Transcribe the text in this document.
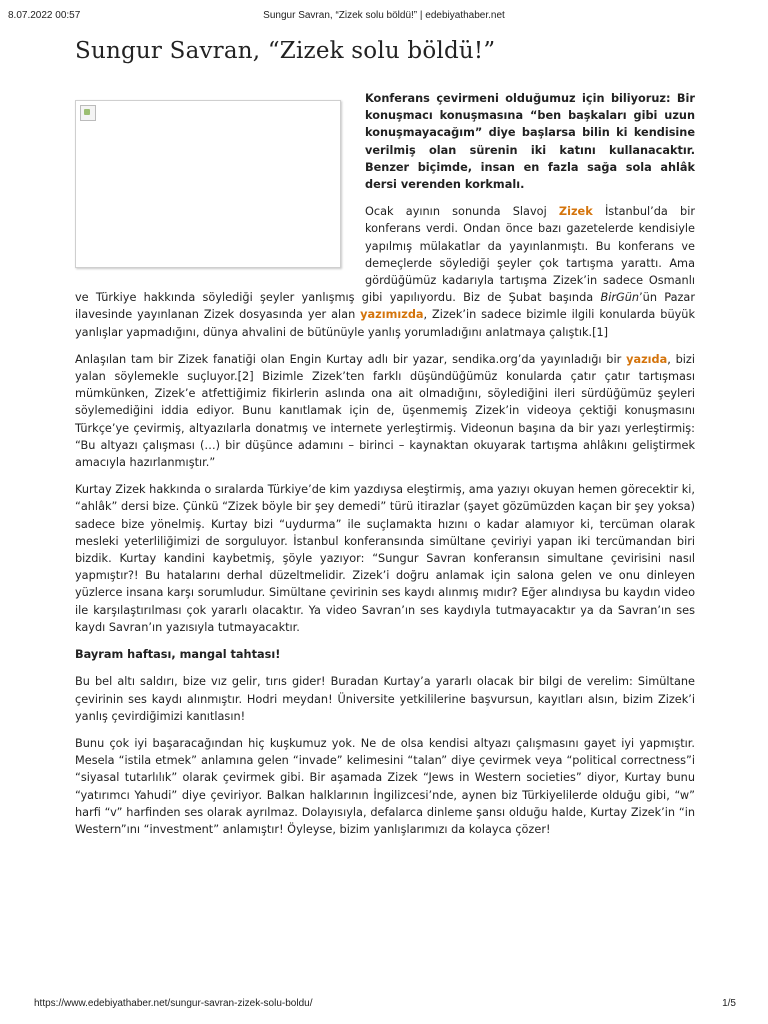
8.07.2022 00:57	Sungur Savran, “Zizek solu böldü!” | edebiyathaber.net
Sungur Savran, “Zizek solu böldü!”

Konferans çevirmeni olduğumuz için biliyoruz: Bir konuşmacı konuşmasına “ben başkaları gibi uzun konuşmayacağım” diye başlarsa bilin ki kendisine verilmiş olan sürenin iki katını kullanacaktır. Benzer biçimde, insan en fazla sağa sola ahlâk dersi verenden korkmalı.

Ocak ayının sonunda Slavoj Zizek İstanbul’da bir konferans verdi. Ondan önce bazı gazetelerde kendisiyle yapılmış mülakatlar da yayınlanmıştı. Bu konferans ve demeçlerde söylediği şeyler çok tartışma yarattı. Ama gördüğümüz kadarıyla tartışma Zizek’in sadece Osmanlı ve Türkiye hakkında söylediği şeyler yanlışmış gibi yapılıyordu. Biz de Şubat başında BirGün’ün Pazar ilavesinde yayınlanan Zizek dosyasında yer alan yazımızda, Zizek’in sadece bizimle ilgili konularda büyük yanlışlar yapmadığını, dünya ahvalini de bütünüyle yanlış yorumladığını anlatmaya çalıştık.[1]

Anlaşılan tam bir Zizek fanatiği olan Engin Kurtay adlı bir yazar, sendika.org’da yayınladığı bir yazıda, bizi yalan söylemekle suçluyor.[2] Bizimle Zizek’ten farklı düşündüğümüz konularda çatır çatır tartışması mümkünken, Zizek’e atfettiğimiz fikirlerin aslında ona ait olmadığını, söylediğini ileri sürdüğümüz şeyleri söylemediğini iddia ediyor. Bunu kanıtlamak için de, üşenmemiş Zizek’in videoya çektiği konuşmasını Türkçe’ye çevirmiş, altyazılarla donatmış ve internete yerleştirmiş. Videonun başına da bir yazı yerleştirmiş: “Bu altyazı çalışması (…) bir düşünce adamını – birinci – kaynaktan okuyarak tartışma ahlâkını geliştirmek amacıyla hazırlanmıştır.”

Kurtay Zizek hakkında o sıralarda Türkiye’de kim yazdıysa eleştirmiş, ama yazıyı okuyan hemen görecektir ki, “ahlâk” dersi bize. Çünkü “Zizek böyle bir şey demedi” türü itirazlar (şayet gözümüzden kaçan bir şey yoksa) sadece bize yönelmiş. Kurtay bizi “uydurma” ile suçlamakta hızını o kadar alamıyor ki, tercüman olarak mesleki yeterliliğimizi de sorguluyor. İstanbul konferansında simültane çeviriyi yapan iki tercümandan biri bizdik. Kurtay kandini kaybetmiş, şöyle yazıyor: “Sungur Savran konferansın simultane çevirisini nasıl yapmıştır?! Bu hatalarını derhal düzeltmelidir. Zizek’i doğru anlamak için salona gelen ve onu dinleyen yüzlerce insana karşı sorumludur. Simültane çevirinin ses kaydı alınmış mıdır? Eğer alındıysa bu kaydın video ile karşılaştırılması çok yararlı olacaktır. Ya video Savran’ın ses kaydıyla tutmayacaktır ya da Savran’ın ses kaydı Savran’ın yazısıyla tutmayacaktır.

Bayram haftası, mangal tahtası!

Bu bel altı saldırı, bize vız gelir, tırıs gider! Buradan Kurtay’a yararlı olacak bir bilgi de verelim: Simültane çevirinin ses kaydı alınmıştır. Hodri meydan! Üniversite yetkililerine başvursun, kayıtları alsın, bizim Zizek’i yanlış çevirdiğimizi kanıtlasın!

Bunu çok iyi başaracağından hiç kuşkumuz yok. Ne de olsa kendisi altyazı çalışmasını gayet iyi yapmıştır. Mesela “istila etmek” anlamına gelen “invade” kelimesini “talan” diye çevirmek veya “political correctness”i “siyasal tutarlılık” olarak çevirmek gibi. Bir aşamada Zizek “Jews in Western societies” diyor, Kurtay bunu “yatırımcı Yahudi” diye çeviriyor. Balkan halklarının İngilizcesi’nde, aynen biz Türkiyelilerde olduğu gibi, “w” harfi “v” harfinden ses olarak ayrılmaz. Dolayısıyla, defalarca dinleme şansı olduğu halde, Kurtay Zizek’in “in Western”ını “investment” anlamıştır! Öyleyse, bizim yanlışlarımızı da kolayca çözer!

https://www.edebiyathaber.net/sungur-savran-zizek-solu-boldu/	1/5
